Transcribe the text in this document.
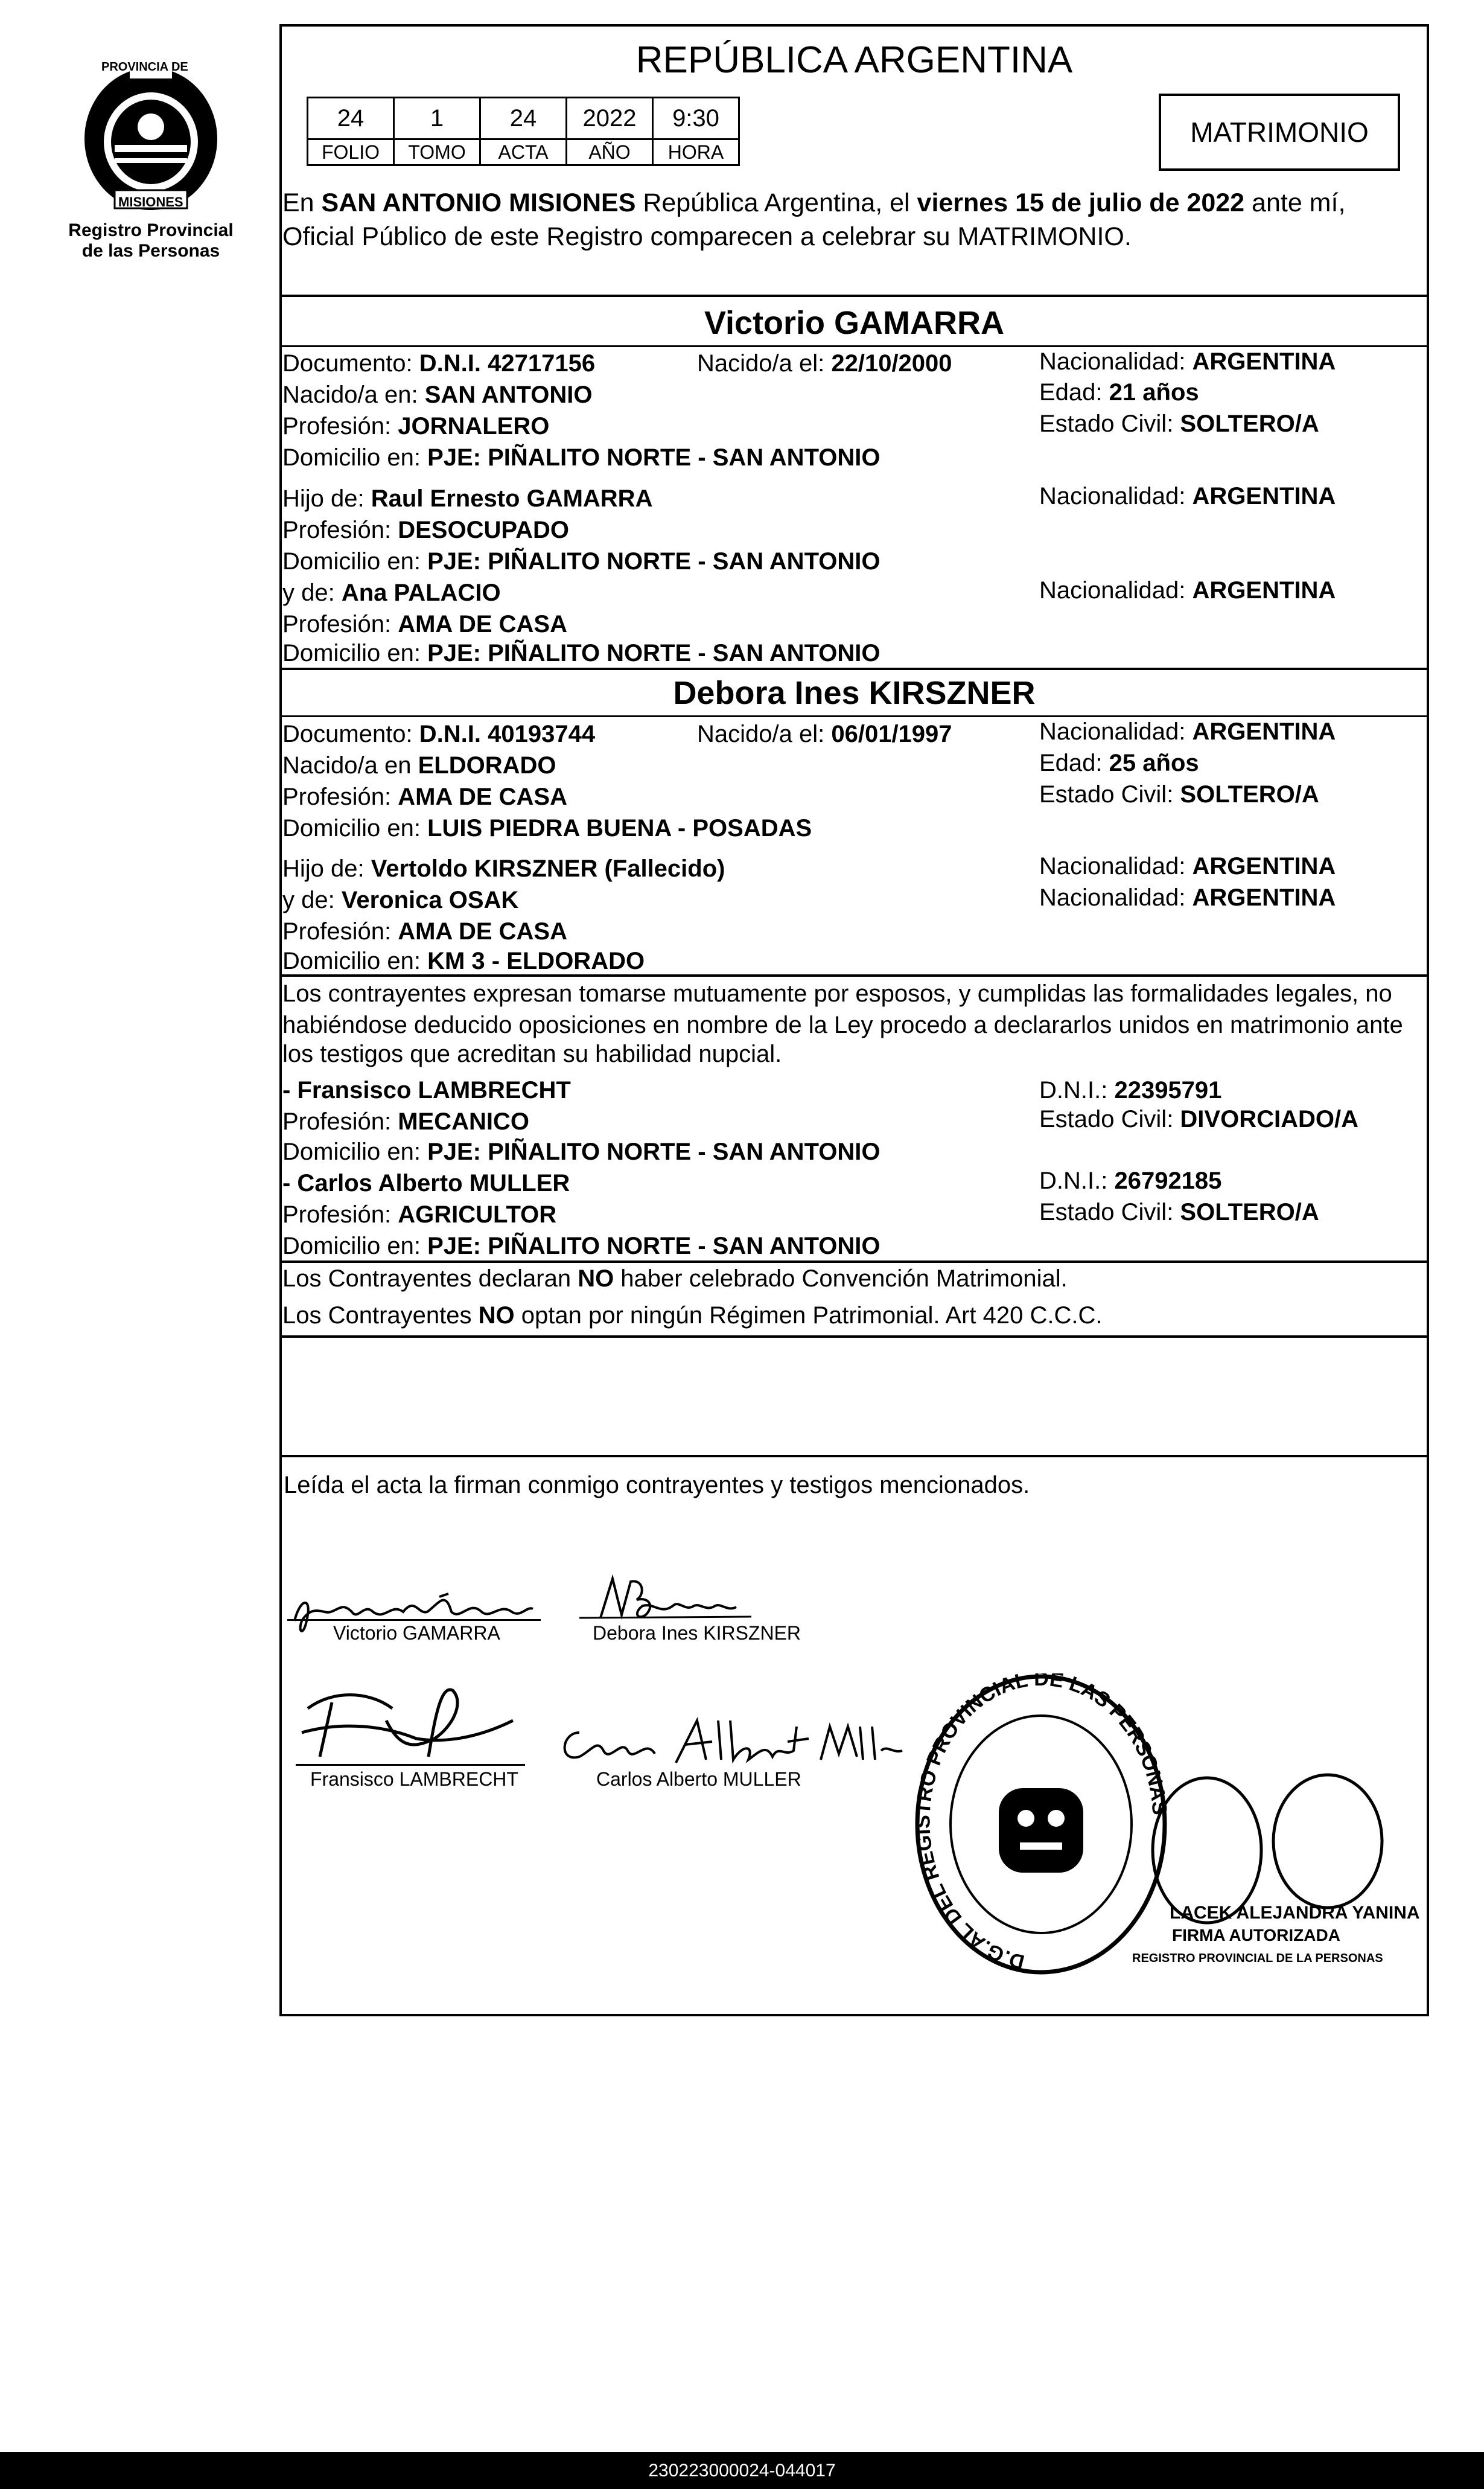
PROVINCIA DE
MISIONES
Registro Provincial
de las Personas
REPÚBLICA ARGENTINA
24	1	24	2022	9:30
FOLIO	TOMO	ACTA	AÑO	HORA
MATRIMONIO
En SAN ANTONIO MISIONES República Argentina, el viernes 15 de julio de 2022 ante mí,
Oficial Público de este Registro comparecen a celebrar su MATRIMONIO.
Victorio GAMARRA
Documento: D.N.I. 42717156	Nacido/a el: 22/10/2000	Nacionalidad: ARGENTINA
Nacido/a en: SAN ANTONIO	Edad: 21 años
Profesión: JORNALERO	Estado Civil: SOLTERO/A
Domicilio en: PJE: PIÑALITO NORTE - SAN ANTONIO
Hijo de: Raul Ernesto GAMARRA	Nacionalidad: ARGENTINA
Profesión: DESOCUPADO
Domicilio en: PJE: PIÑALITO NORTE - SAN ANTONIO
y de: Ana PALACIO	Nacionalidad: ARGENTINA
Profesión: AMA DE CASA
Domicilio en: PJE: PIÑALITO NORTE - SAN ANTONIO
Debora Ines KIRSZNER
Documento: D.N.I. 40193744	Nacido/a el: 06/01/1997	Nacionalidad: ARGENTINA
Nacido/a en ELDORADO	Edad: 25 años
Profesión: AMA DE CASA	Estado Civil: SOLTERO/A
Domicilio en: LUIS PIEDRA BUENA - POSADAS
Hijo de: Vertoldo KIRSZNER (Fallecido)	Nacionalidad: ARGENTINA
y de: Veronica OSAK	Nacionalidad: ARGENTINA
Profesión: AMA DE CASA
Domicilio en: KM 3 - ELDORADO
Los contrayentes expresan tomarse mutuamente por esposos, y cumplidas las formalidades legales, no
habiéndose deducido oposiciones en nombre de la Ley procedo a declararlos unidos en matrimonio ante
los testigos que acreditan su habilidad nupcial.
- Fransisco LAMBRECHT	D.N.I.: 22395791
Profesión: MECANICO	Estado Civil: DIVORCIADO/A
Domicilio en: PJE: PIÑALITO NORTE - SAN ANTONIO
- Carlos Alberto MULLER	D.N.I.: 26792185
Profesión: AGRICULTOR	Estado Civil: SOLTERO/A
Domicilio en: PJE: PIÑALITO NORTE - SAN ANTONIO
Los Contrayentes declaran NO haber celebrado Convención Matrimonial.
Los Contrayentes NO optan por ningún Régimen Patrimonial. Art 420 C.C.C.
Leída el acta la firman conmigo contrayentes y testigos mencionados.
gamarra victoria
Victorio GAMARRA
Debora
Debora Ines KIRSZNER
Fransisco LAMBRECHT
Carlos Alberto Muller
Carlos Alberto MULLER
D.G.AL DEL REGISTRO PROVINCIAL DE LAS PERSONAS
SAN ANTONIO · MINISTERIO DE GOBIERNO
LACEK ALEJANDRA YANINA
FIRMA AUTORIZADA
REGISTRO PROVINCIAL DE LA PERSONAS
230223000024-044017
